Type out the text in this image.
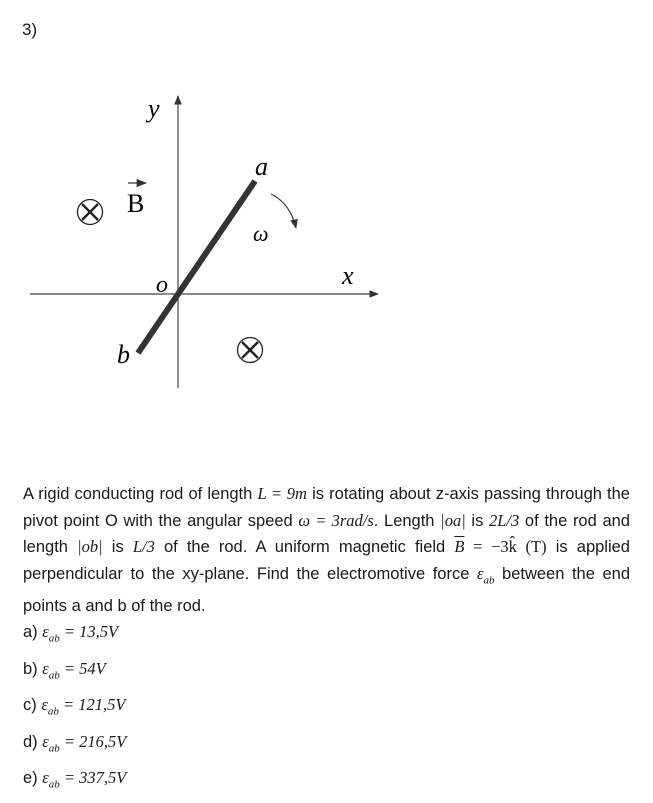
3)
y
x
o
a
b
ω
B
A rigid conducting rod of length L = 9m is rotating about z-axis passing through the pivot point O with the angular speed ω = 3rad/s. Length |oa| is 2L/3 of the rod and length |ob| is L/3 of the rod. A uniform magnetic field $\overline{B}$ = −3k̂ (T) is applied perpendicular to the xy-plane. Find the electromotive force $\varepsilon_{ab}$ between the end points a and b of the rod.
a) $\varepsilon_{ab} = 13,5V$
b) $\varepsilon_{ab} = 54V$
c) $\varepsilon_{ab} = 121,5V$
d) $\varepsilon_{ab} = 216,5V$
e) $\varepsilon_{ab} = 337,5V$
